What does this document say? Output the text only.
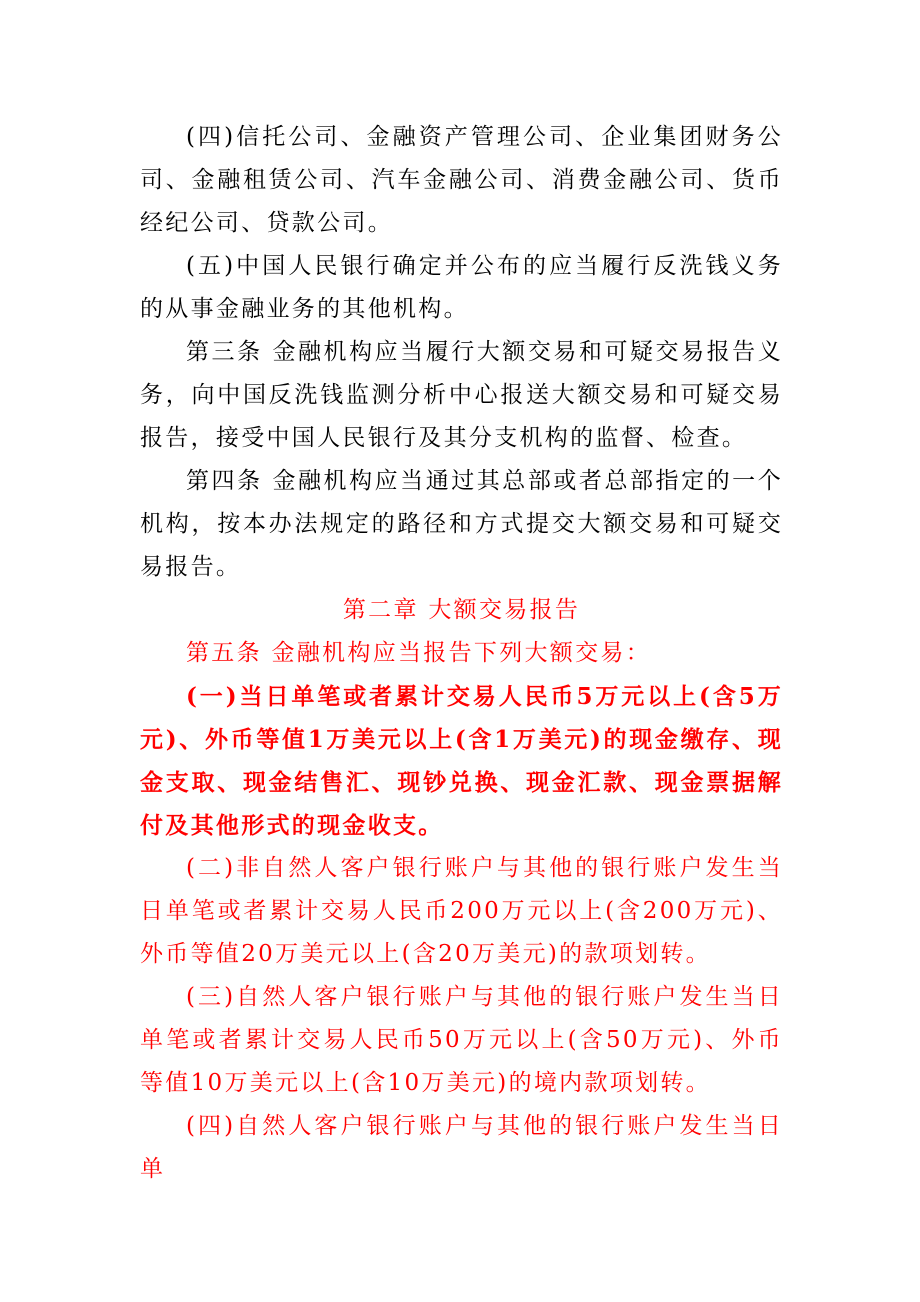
(四)信托公司、金融资产管理公司、企业集团财务公司、金融租赁公司、汽车金融公司、消费金融公司、货币经纪公司、贷款公司。

(五)中国人民银行确定并公布的应当履行反洗钱义务的从事金融业务的其他机构。

第三条 金融机构应当履行大额交易和可疑交易报告义务，向中国反洗钱监测分析中心报送大额交易和可疑交易报告，接受中国人民银行及其分支机构的监督、检查。

第四条 金融机构应当通过其总部或者总部指定的一个机构，按本办法规定的路径和方式提交大额交易和可疑交易报告。

第二章 大额交易报告

第五条 金融机构应当报告下列大额交易：

(一)当日单笔或者累计交易人民币5万元以上(含5万元)、外币等值1万美元以上(含1万美元)的现金缴存、现金支取、现金结售汇、现钞兑换、现金汇款、现金票据解付及其他形式的现金收支。

(二)非自然人客户银行账户与其他的银行账户发生当日单笔或者累计交易人民币200万元以上(含200万元)、外币等值20万美元以上(含20万美元)的款项划转。

(三)自然人客户银行账户与其他的银行账户发生当日单笔或者累计交易人民币50万元以上(含50万元)、外币等值10万美元以上(含10万美元)的境内款项划转。

(四)自然人客户银行账户与其他的银行账户发生当日单
